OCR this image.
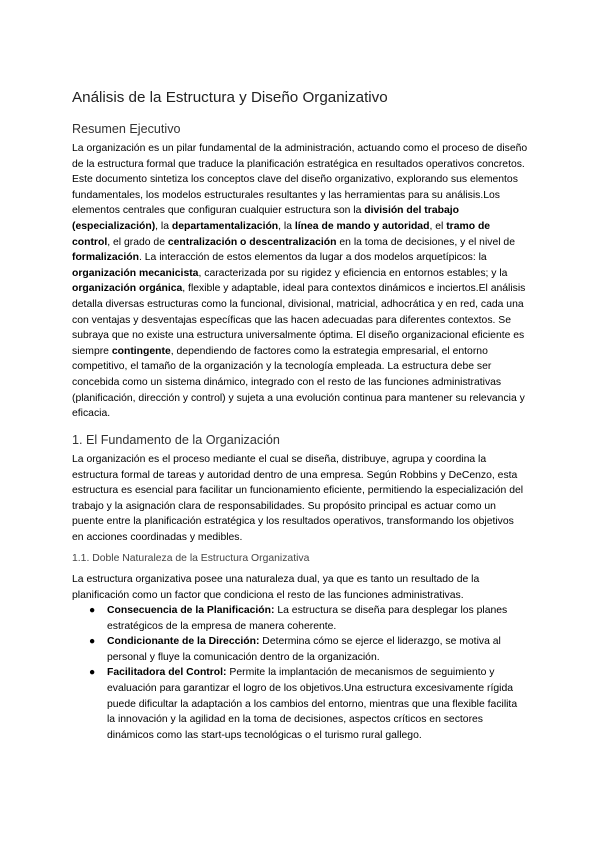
Análisis de la Estructura y Diseño Organizativo
Resumen Ejecutivo

La organización es un pilar fundamental de la administración, actuando como el proceso de diseño de la estructura formal que traduce la planificación estratégica en resultados operativos concretos. Este documento sintetiza los conceptos clave del diseño organizativo, explorando sus elementos fundamentales, los modelos estructurales resultantes y las herramientas para su análisis.Los elementos centrales que configuran cualquier estructura son la división del trabajo (especialización), la departamentalización, la línea de mando y autoridad, el tramo de control, el grado de centralización o descentralización en la toma de decisiones, y el nivel de formalización. La interacción de estos elementos da lugar a dos modelos arquetípicos: la organización mecanicista, caracterizada por su rigidez y eficiencia en entornos estables; y la organización orgánica, flexible y adaptable, ideal para contextos dinámicos e inciertos.El análisis detalla diversas estructuras como la funcional, divisional, matricial, adhocrática y en red, cada una con ventajas y desventajas específicas que las hacen adecuadas para diferentes contextos. Se subraya que no existe una estructura universalmente óptima. El diseño organizacional eficiente es siempre contingente, dependiendo de factores como la estrategia empresarial, el entorno competitivo, el tamaño de la organización y la tecnología empleada. La estructura debe ser concebida como un sistema dinámico, integrado con el resto de las funciones administrativas (planificación, dirección y control) y sujeta a una evolución continua para mantener su relevancia y eficacia.

1. El Fundamento de la Organización

La organización es el proceso mediante el cual se diseña, distribuye, agrupa y coordina la estructura formal de tareas y autoridad dentro de una empresa. Según Robbins y DeCenzo, esta estructura es esencial para facilitar un funcionamiento eficiente, permitiendo la especialización del trabajo y la asignación clara de responsabilidades. Su propósito principal es actuar como un puente entre la planificación estratégica y los resultados operativos, transformando los objetivos en acciones coordinadas y medibles.

1.1. Doble Naturaleza de la Estructura Organizativa

La estructura organizativa posee una naturaleza dual, ya que es tanto un resultado de la planificación como un factor que condiciona el resto de las funciones administrativas.

● Consecuencia de la Planificación: La estructura se diseña para desplegar los planes estratégicos de la empresa de manera coherente.
● Condicionante de la Dirección: Determina cómo se ejerce el liderazgo, se motiva al personal y fluye la comunicación dentro de la organización.
● Facilitadora del Control: Permite la implantación de mecanismos de seguimiento y evaluación para garantizar el logro de los objetivos.Una estructura excesivamente rígida puede dificultar la adaptación a los cambios del entorno, mientras que una flexible facilita la innovación y la agilidad en la toma de decisiones, aspectos críticos en sectores dinámicos como las start-ups tecnológicas o el turismo rural gallego.
